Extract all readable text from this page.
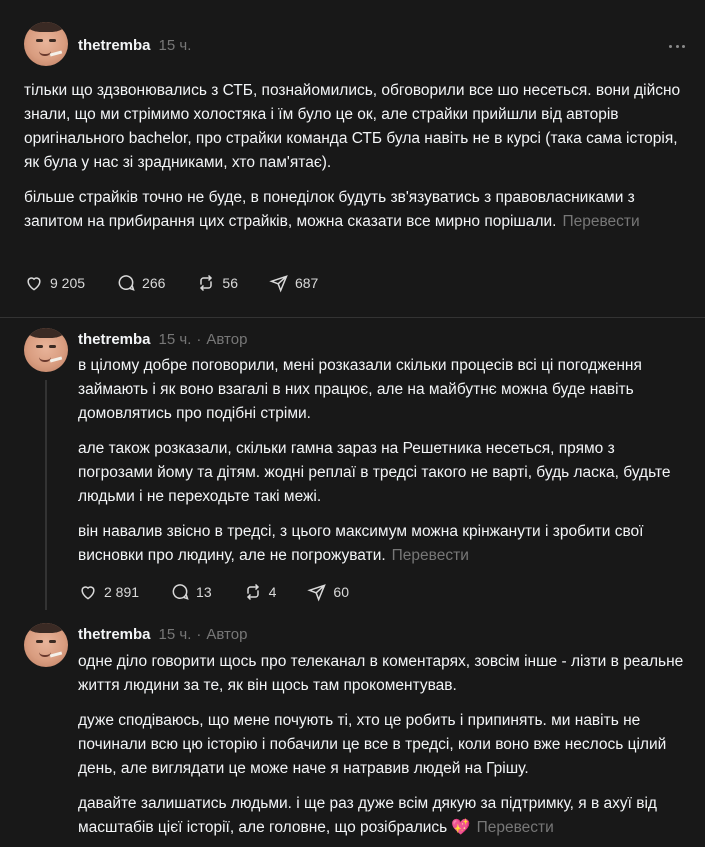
thetremba 15 ч.

тільки що здзвонювались з СТБ, познайомились, обговорили все шо несеться. вони дійсно знали, що ми стрімимо холостяка і їм було це ок, але страйки прийшли від авторів оригінального bachelor, про страйки команда СТБ була навіть не в курсі (така сама історія, як була у нас зі зрадниками, хто пам'ятає).

більше страйків точно не буде, в понеділок будуть зв'язуватись з правовласниками з запитом на прибирання цих страйків, можна сказати все мирно порішали. Перевести

9 205	266	56	687
thetremba 15 ч. · Автор

в цілому добре поговорили, мені розказали скільки процесів всі ці погодження займають і як воно взагалі в них працює, але на майбутнє можна буде навіть домовлятись про подібні стріми.

але також розказали, скільки гамна зараз на Решетника несеться, прямо з погрозами йому та дітям. жодні реплаї в тредсі такого не варті, будь ласка, будьте людьми і не переходьте такі межі.

він навалив звісно в тредсі, з цього максимум можна крінжанути і зробити свої висновки про людину, але не погрожувати. Перевести

2 891	13	4	60
thetremba 15 ч. · Автор

одне діло говорити щось про телеканал в коментарях, зовсім інше - лізти в реальне життя людини за те, як він щось там прокоментував.

дуже сподіваюсь, що мене почують ті, хто це робить і припинять. ми навіть не починали всю цю історію і побачили це все в тредсі, коли воно вже неслось цілий день, але виглядати це може наче я натравив людей на Грішу.

давайте залишатись людьми. і ще раз дуже всім дякую за підтримку, я в ахуї від масштабів цієї історії, але головне, що розібрались 💖 Перевести
